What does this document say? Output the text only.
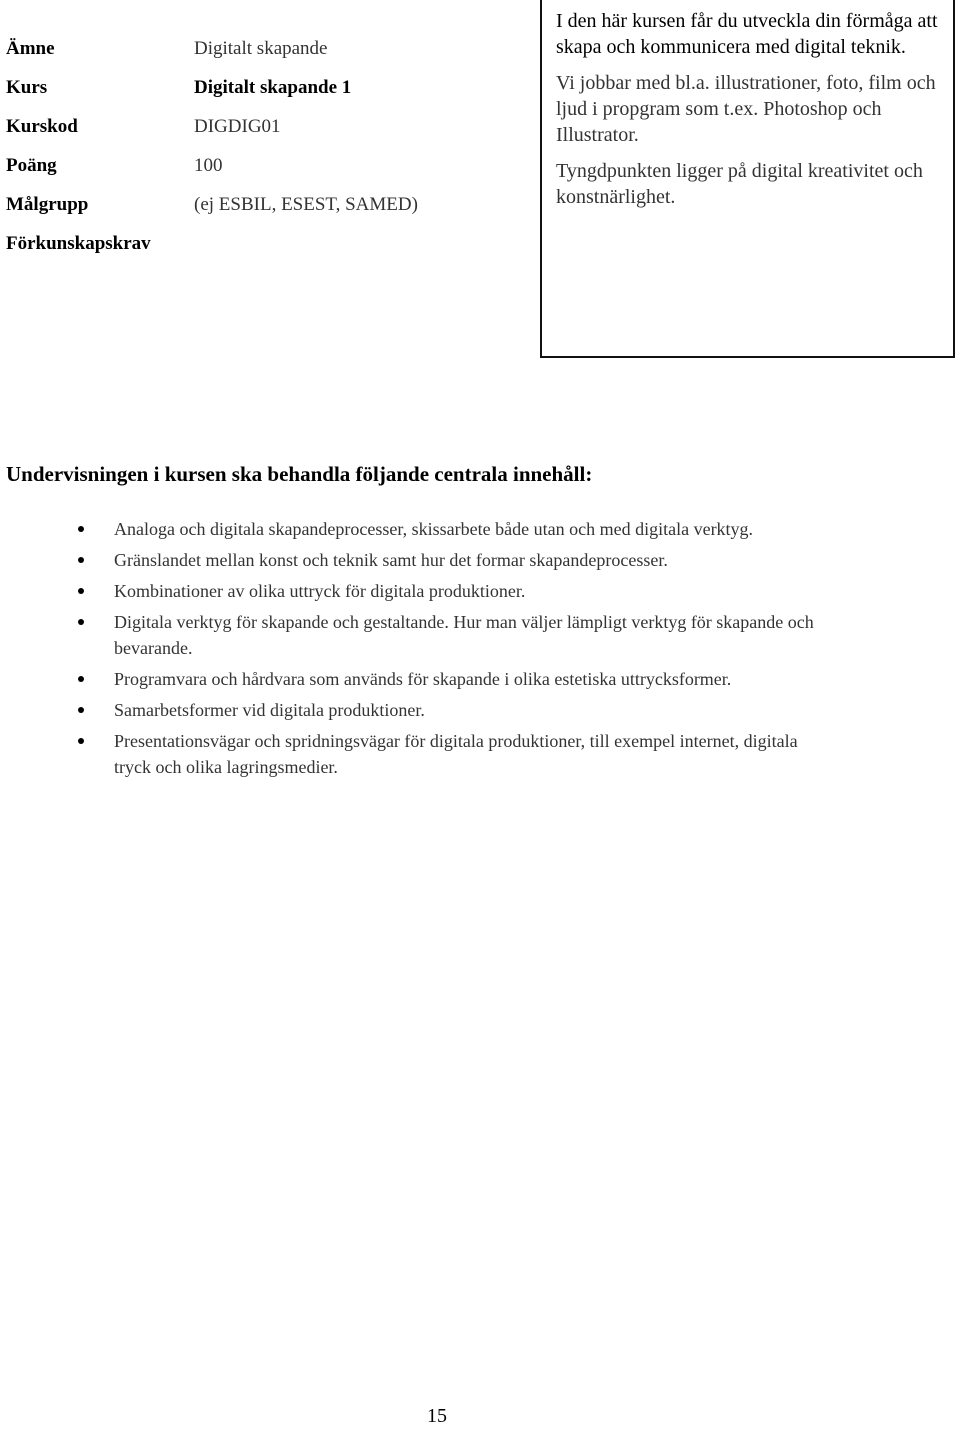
Ämne	Digitalt skapande
Kurs	Digitalt skapande 1
Kurskod	DIGDIG01
Poäng	100
Målgrupp	(ej ESBIL, ESEST, SAMED)
Förkunskapskrav

I den här kursen får du utveckla din förmåga att skapa och kommunicera med digital teknik.

Vi jobbar med bl.a. illustrationer, foto, film och ljud i propgram som t.ex. Photoshop och Illustrator.

Tyngdpunkten ligger på digital kreativitet och konstnärlighet.

Undervisningen i kursen ska behandla följande centrala innehåll:
Analoga och digitala skapandeprocesser, skissarbete både utan och med digitala verktyg.
Gränslandet mellan konst och teknik samt hur det formar skapandeprocesser.
Kombinationer av olika uttryck för digitala produktioner.
Digitala verktyg för skapande och gestaltande. Hur man väljer lämpligt verktyg för skapande och bevarande.
Programvara och hårdvara som används för skapande i olika estetiska uttrycksformer.
Samarbetsformer vid digitala produktioner.
Presentationsvägar och spridningsvägar för digitala produktioner, till exempel internet, digitala tryck och olika lagringsmedier.
15
